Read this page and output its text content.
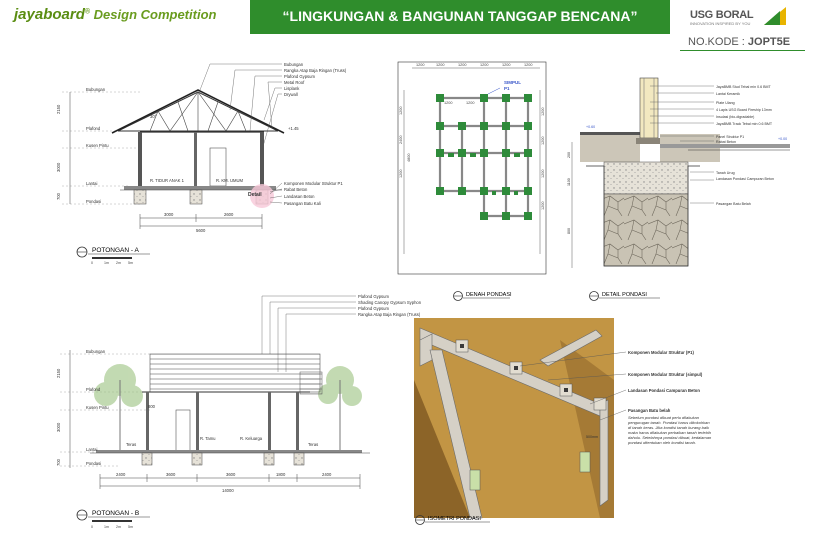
jayaboard® Design Competition	“LINGKUNGAN & BANGUNAN TANGGAP BENCANA”	USG BORAL
INNOVATION INSPIRED BY YOU
NO.KODE : JOPT5E
Bubungan
Plafond
Kusen Pintu
Lantai
Pondasi
2150
3000
700
3000	2600
5600
R. TIDUR ANAK 1	R. KM. UMUM
Detail
30°
+1.45
Bubungan
Rangka Atap Baja Ringan (Truss)
Plafond Gypsum
Metal Roof
Lisplank
Drywall
Komponen Modular Struktur P1
Rabat Beton
Landasan Beton
Pasangan Batu Kali
POTONGAN - A
0	1m 2m 5m
1200	1200	1200	1200	1200	1200
1200	1200
1200
2400
1200
4800
1200
1200
1200
1200
SIMPUL
P1
DENAH PONDASI
JayaBMB Stud Tebal min 0.6 BMT
Lantai Keramik
Plate Ulang
4 Lapis USG Board Fireship 13mm
Insulasi (bio-digradable)
JayaBMB Track Tebal min 0.6 BMT
Panel Struktur P1
Rabat Beton
Tanah Urug
Landasan Pondasi Campuran Beton
Pasangan Batu Belah
200
1100
800
+0.60
+0.00
DETAIL PONDASI
Bubungan
Plafond
Kusen Pintu
Lantai
Pondasi
2150
3000
700
2400	3600	3600	1800	2400
14000
800
Teras
R. Tamu	R. Keluarga
Teras
Plafond Gypsum
Shading Canopy Gypsum Syphon
Plafond Gypsum
Rangka Atap Baja Ringan (Truss)
POTONGAN - B
0	1m 2m 5m
Komponen Modular Struktur (P1)
Komponen Modular Struktur (simpul)
Landasan Pondasi Campuran Beton
Pasangan Batu belah
500mm
ISOMETRI PONDASI
Sebelum pondasi dibuat perlu dilakukan pengurugan tanah. Pondasi harus dikokohkan di tanah keras. Jika kondisi tanah kurang baik maka harus dilakukan perbaikan tanah terlebih dahulu. Setelahnya pondasi dibuat, kedalaman pondasi ditentukan oleh kondisi tanah.
